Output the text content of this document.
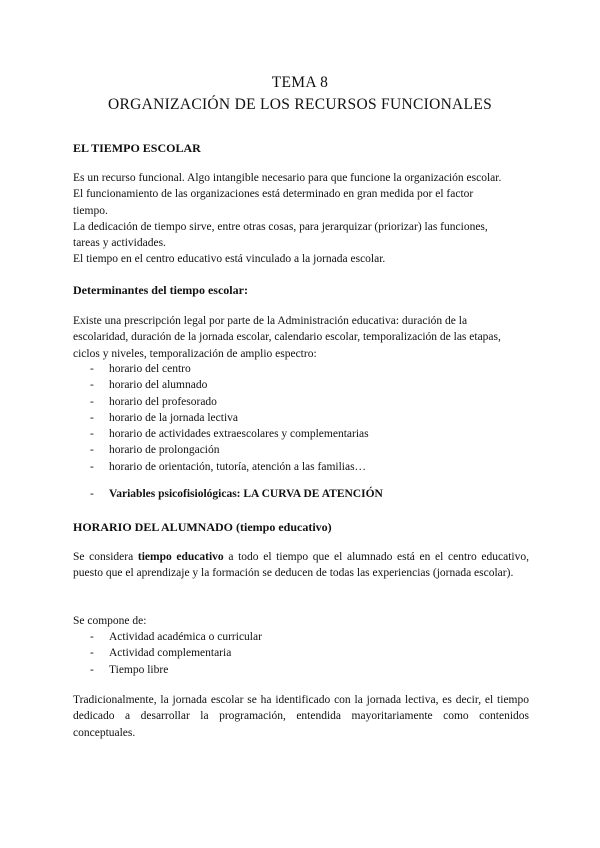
TEMA 8
ORGANIZACIÓN DE LOS RECURSOS FUNCIONALES
EL TIEMPO ESCOLAR
Es un recurso funcional. Algo intangible necesario para que funcione la organización escolar.
El funcionamiento de las organizaciones está determinado en gran medida por el factor
tiempo.
La dedicación de tiempo sirve, entre otras cosas, para jerarquizar (priorizar) las funciones,
tareas y actividades.
El tiempo en el centro educativo está vinculado a la jornada escolar.
Determinantes del tiempo escolar:
Existe una prescripción legal por parte de la Administración educativa: duración de la
escolaridad, duración de la jornada escolar, calendario escolar, temporalización de las etapas,
ciclos y niveles, temporalización de amplio espectro:
- horario del centro
- horario del alumnado
- horario del profesorado
- horario de la jornada lectiva
- horario de actividades extraescolares y complementarias
- horario de prolongación
- horario de orientación, tutoría, atención a las familias…
- Variables psicofisiológicas: LA CURVA DE ATENCIÓN
HORARIO DEL ALUMNADO (tiempo educativo)
Se considera tiempo educativo a todo el tiempo que el alumnado está en el centro educativo, puesto que el aprendizaje y la formación se deducen de todas las experiencias (jornada escolar).
Se compone de:
- Actividad académica o curricular
- Actividad complementaria
- Tiempo libre
Tradicionalmente, la jornada escolar se ha identificado con la jornada lectiva, es decir, el tiempo dedicado a desarrollar la programación, entendida mayoritariamente como contenidos conceptuales.
